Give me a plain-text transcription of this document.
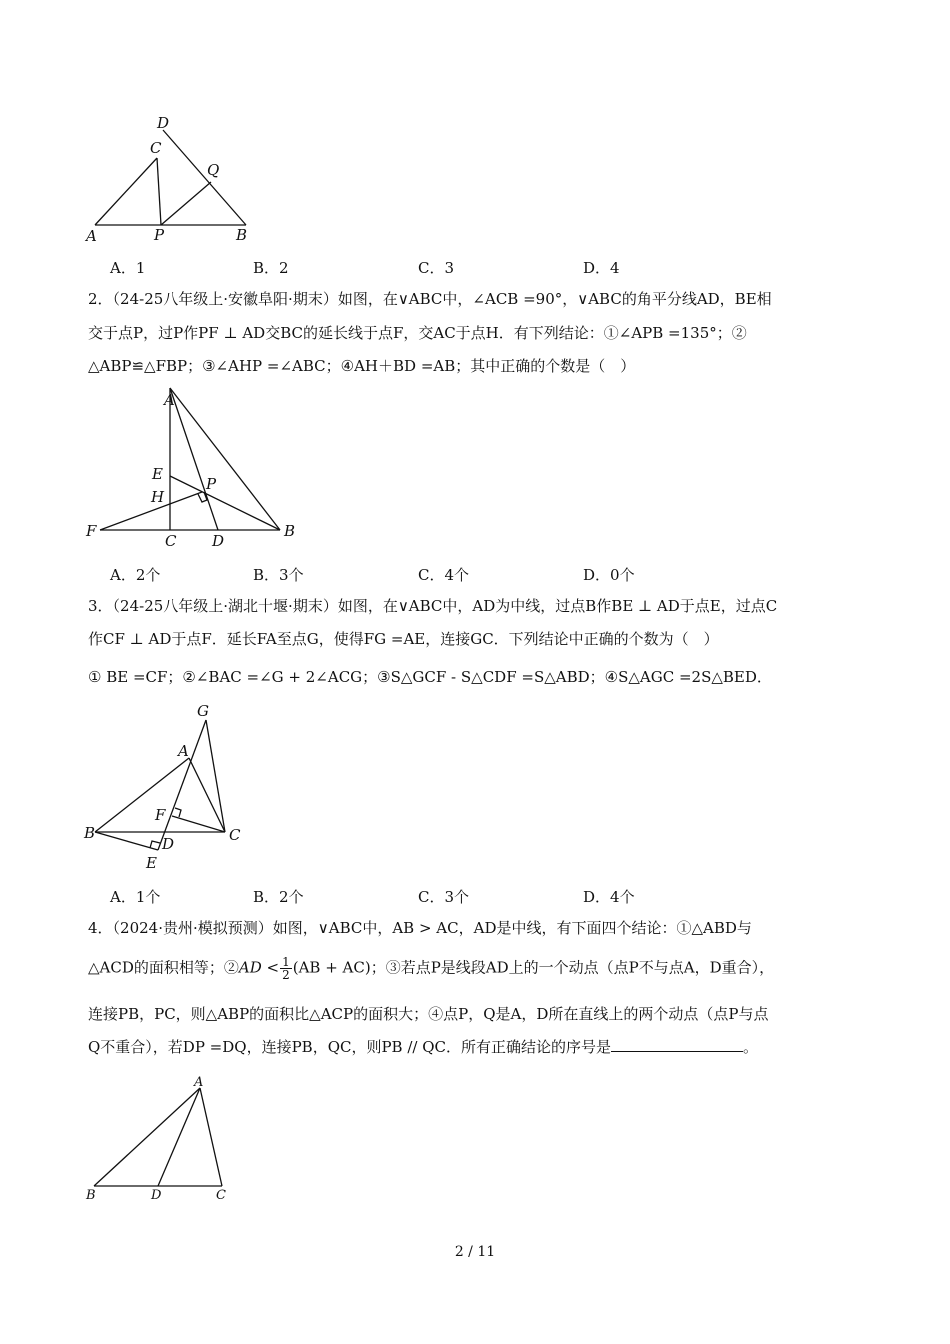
D
C
Q
A	P	B
A．1	B．2	C．3	D．4
2．（24-25八年级上·安徽阜阳·期末）如图，在∨ABC中，∠ACB =90°，∨ABC的角平分线AD，BE相
交于点P，过P作PF ⊥ AD交BC的延长线于点F，交AC于点H．有下列结论：①∠APB =135°；②
△ABP≌△FBP；③∠AHP =∠ABC；④AH＋BD =AB；其中正确的个数是（　）
A
E
P
H
F
C D
B
A．2个	B．3个	C．4个	D．0个
3．（24-25八年级上·湖北十堰·期末）如图，在∨ABC中，AD为中线，过点B作BE ⊥ AD于点E，过点C
作CF ⊥ AD于点F．延长FA至点G，使得FG =AE，连接GC．下列结论中正确的个数为（　）
① BE =CF；②∠BAC =∠G + 2∠ACG；③S△GCF - S△CDF =S△ABD；④S△AGC =2S△BED．
G
A
F
B	C
D
E
A．1个	B．2个	C．3个	D．4个
4．（2024·贵州·模拟预测）如图，∨ABC中，AB > AC，AD是中线，有下面四个结论：①△ABD与
△ACD的面积相等；②AD < $\frac{1}{2} (AB + AC)$；③若点P是线段AD上的一个动点（点P不与点A，D重合），
连接PB，PC，则△ABP的面积比△ACP的面积大；④点P，Q是A，D所在直线上的两个动点（点P与点
Q不重合），若DP =DQ，连接PB，QC，则PB // QC．所有正确结论的序号是	。
A
B	D	C
2 / 11
